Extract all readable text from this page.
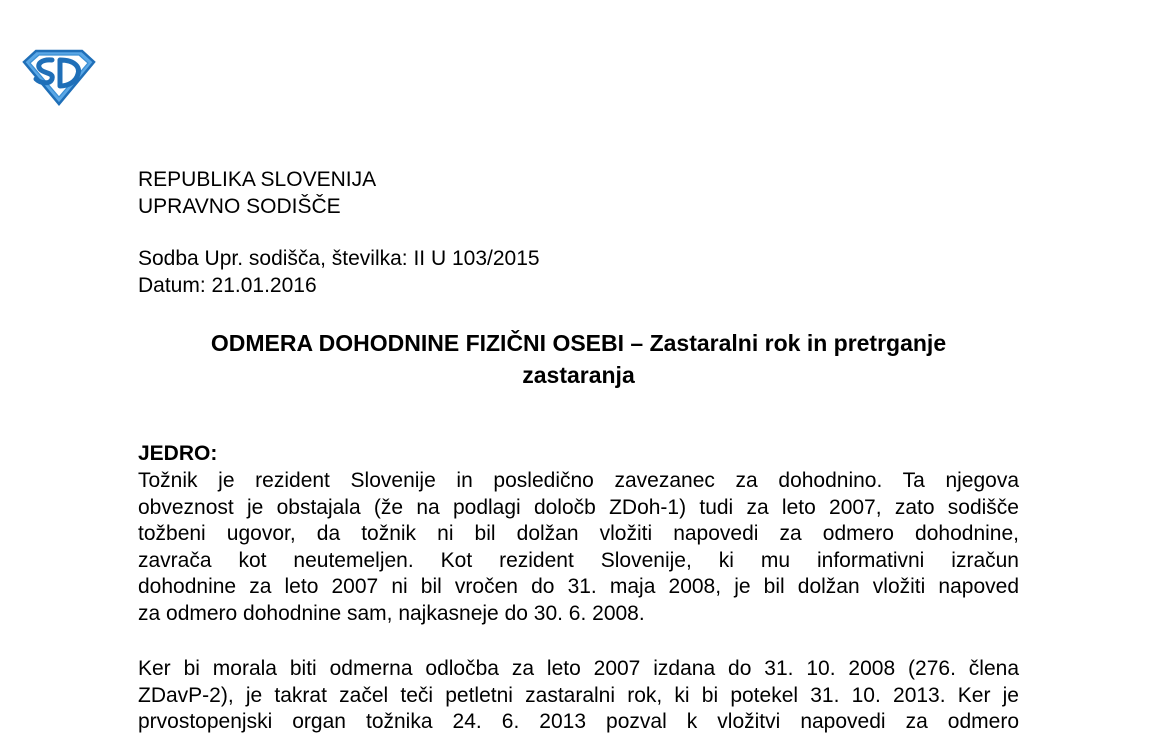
REPUBLIKA SLOVENIJA
UPRAVNO SODIŠČE
Sodba Upr. sodišča, številka: II U 103/2015
Datum: 21.01.2016
ODMERA DOHODNINE FIZIČNI OSEBI – Zastaralni rok in pretrganje
zastaranja
JEDRO:
Tožnik je rezident Slovenije in posledično zavezanec za dohodnino. Ta njegova
obveznost je obstajala (že na podlagi določb ZDoh-1) tudi za leto 2007, zato sodišče
tožbeni ugovor, da tožnik ni bil dolžan vložiti napovedi za odmero dohodnine,
zavrača kot neutemeljen. Kot rezident Slovenije, ki mu informativni izračun
dohodnine za leto 2007 ni bil vročen do 31. maja 2008, je bil dolžan vložiti napoved
za odmero dohodnine sam, najkasneje do 30. 6. 2008.
Ker bi morala biti odmerna odločba za leto 2007 izdana do 31. 10. 2008 (276. člena
ZDavP-2), je takrat začel teči petletni zastaralni rok, ki bi potekel 31. 10. 2013. Ker je
prvostopenjski organ tožnika 24. 6. 2013 pozval k vložitvi napovedi za odmero
